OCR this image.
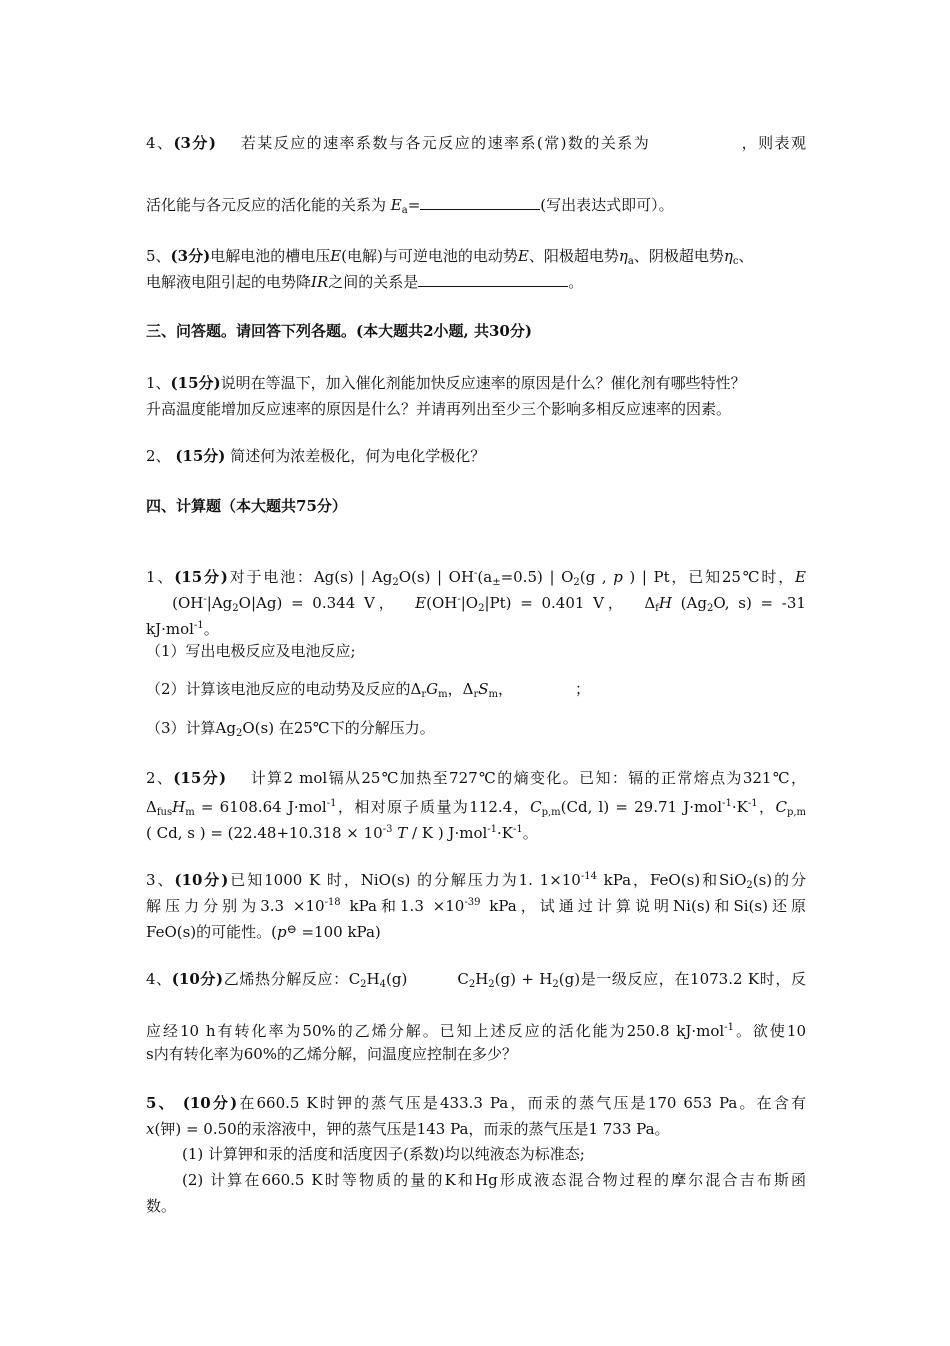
4、(3分) 若某反应的速率系数与各元反应的速率系(常)数的关系为	，则表观
活化能与各元反应的活化能的关系为 $E_a=$	(写出表达式即可）。
5、(3分)电解电池的槽电压E(电解)与可逆电池的电动势E、阳极超电势$\eta_a$、阴极超电势$\eta_c$、
电解液电阻引起的电势降IR之间的关系是	。
三、问答题。请回答下列各题。(本大题共2小题, 共30分)
1、(15分)说明在等温下，加入催化剂能加快反应速率的原因是什么？催化剂有哪些特性？
升高温度能增加反应速率的原因是什么？并请再列出至少三个影响多相反应速率的因素。
2、 (15分) 简述何为浓差极化，何为电化学极化？
四、计算题（本大题共75分）
1、(15分)对于电池：Ag(s) | $Ag_2O(s)$ | $OH^-(a_\pm=0.5)$ | $O_2(g$ , p ) | Pt，已知25℃时，E
$(OH^-|Ag_2O|Ag) = 0.344$ V， $E(OH^-|O_2|Pt) = 0.401$ V， $\Delta_fH$ ($Ag_2O$, s) = -31
kJ·mol$^{-1}$。
（1）写出电极反应及电池反应;
（2）计算该电池反应的电动势及反应的$\Delta_rG_m$，$\Delta_rS_m$，	；
（3）计算$Ag_2O(s)$ 在25℃下的分解压力。
2、(15分) 计算2 mol镉从25℃加热至727℃的熵变化。已知：镉的正常熔点为321℃，
$\Delta_{fus}H_m = 6108.64$ J·mol$^{-1}$，相对原子质量为112.4，$C_{p,m}(Cd$, l) = 29.71 $J\cdot mol^{-1}\cdot K^{-1}$，$C_{p,m}$
( Cd, s ) = ($22.48+10.318 \times 10^{-3}$ T / K ) $J\cdot mol^{-1}\cdot K^{-1}$。
3、(10分)已知1000 K 时，NiO(s) 的分解压力为1. $1\times 10^{-14}$ kPa，FeO(s)和SiO$_2$(s)的分
解压力分别为$3.3 \times 10^{-18}$ kPa和$1.3 \times 10^{-39}$ kPa，试通过计算说明Ni(s)和Si(s)还原
FeO(s)的可能性。(p⊖ =100 kPa)
4、(10分)乙烯热分解反应：$C_2H_4(g)$	$C_2H_2(g) + H_2(g)$是一级反应，在1073.2 K时，反
应经10 h有转化率为50%的乙烯分解。已知上述反应的活化能为250.8 kJ·mol$^{-1}$。欲使10
s内有转化率为60%的乙烯分解，问温度应控制在多少？
5、 (10分)在660.5 K时钾的蒸气压是433.3 Pa，而汞的蒸气压是170 653 Pa。在含有
x(钾) = 0.50的汞溶液中，钾的蒸气压是143 Pa，而汞的蒸气压是1 733 Pa。
(1) 计算钾和汞的活度和活度因子(系数)均以纯液态为标准态;
(2) 计算在660.5 K时等物质的量的K和Hg形成液态混合物过程的摩尔混合吉布斯函
数。
